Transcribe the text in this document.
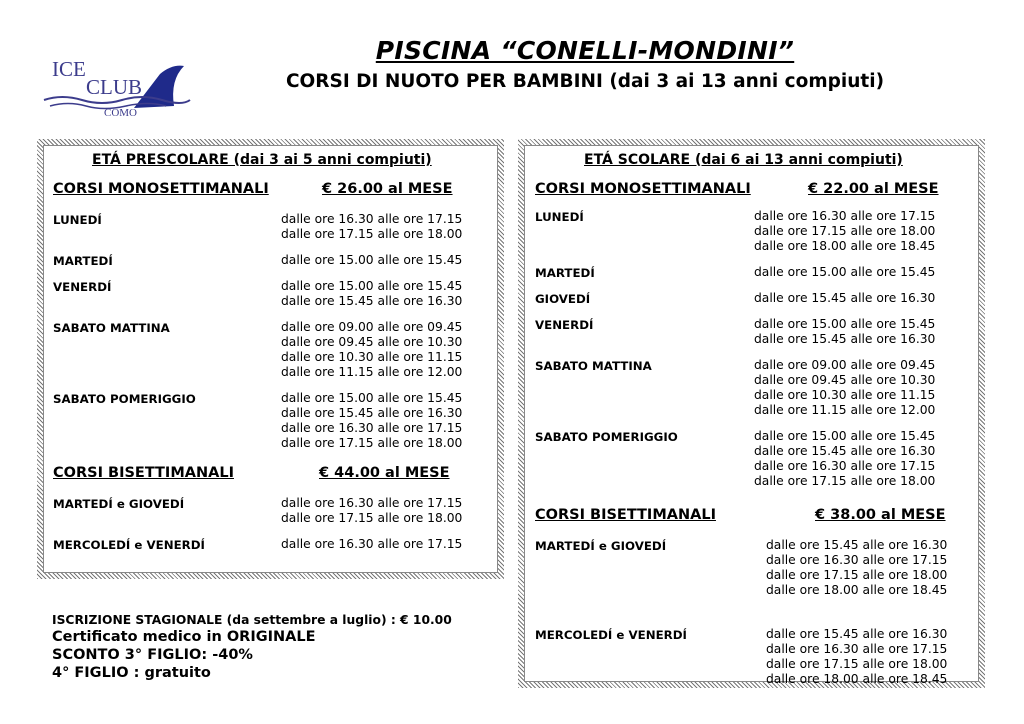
ICE
CLUB
COMO
PISCINA “CONELLI-MONDINI”
CORSI DI NUOTO PER BAMBINI (dai 3 ai 13 anni compiuti)
ETÁ PRESCOLARE (dai 3 ai 5 anni compiuti)
CORSI MONOSETTIMANALI	€ 26.00 al MESE
LUNEDÍ	dalle ore 16.30 alle ore 17.15
dalle ore 17.15 alle ore 18.00
MARTEDÍ	dalle ore 15.00 alle ore 15.45
VENERDÍ	dalle ore 15.00 alle ore 15.45
dalle ore 15.45 alle ore 16.30
SABATO MATTINA	dalle ore 09.00 alle ore 09.45
dalle ore 09.45 alle ore 10.30
dalle ore 10.30 alle ore 11.15
dalle ore 11.15 alle ore 12.00
SABATO POMERIGGIO	dalle ore 15.00 alle ore 15.45
dalle ore 15.45 alle ore 16.30
dalle ore 16.30 alle ore 17.15
dalle ore 17.15 alle ore 18.00
CORSI BISETTIMANALI	€ 44.00 al MESE
MARTEDÍ e GIOVEDÍ	dalle ore 16.30 alle ore 17.15
dalle ore 17.15 alle ore 18.00
MERCOLEDÍ e VENERDÍ	dalle ore 16.30 alle ore 17.15
ETÁ SCOLARE (dai 6 ai 13 anni compiuti)
CORSI MONOSETTIMANALI	€ 22.00 al MESE
LUNEDÍ	dalle ore 16.30 alle ore 17.15
dalle ore 17.15 alle ore 18.00
dalle ore 18.00 alle ore 18.45
MARTEDÍ	dalle ore 15.00 alle ore 15.45
GIOVEDÍ	dalle ore 15.45 alle ore 16.30
VENERDÍ	dalle ore 15.00 alle ore 15.45
dalle ore 15.45 alle ore 16.30
SABATO MATTINA	dalle ore 09.00 alle ore 09.45
dalle ore 09.45 alle ore 10.30
dalle ore 10.30 alle ore 11.15
dalle ore 11.15 alle ore 12.00
SABATO POMERIGGIO	dalle ore 15.00 alle ore 15.45
dalle ore 15.45 alle ore 16.30
dalle ore 16.30 alle ore 17.15
dalle ore 17.15 alle ore 18.00
CORSI BISETTIMANALI	€ 38.00 al MESE
MARTEDÍ e GIOVEDÍ	dalle ore 15.45 alle ore 16.30
dalle ore 16.30 alle ore 17.15
dalle ore 17.15 alle ore 18.00
dalle ore 18.00 alle ore 18.45
MERCOLEDÍ e VENERDÍ	dalle ore 15.45 alle ore 16.30
dalle ore 16.30 alle ore 17.15
dalle ore 17.15 alle ore 18.00
dalle ore 18.00 alle ore 18.45
ISCRIZIONE STAGIONALE (da settembre a luglio) : € 10.00
Certificato medico in ORIGINALE
SCONTO 3° FIGLIO: -40%
4° FIGLIO : gratuito
